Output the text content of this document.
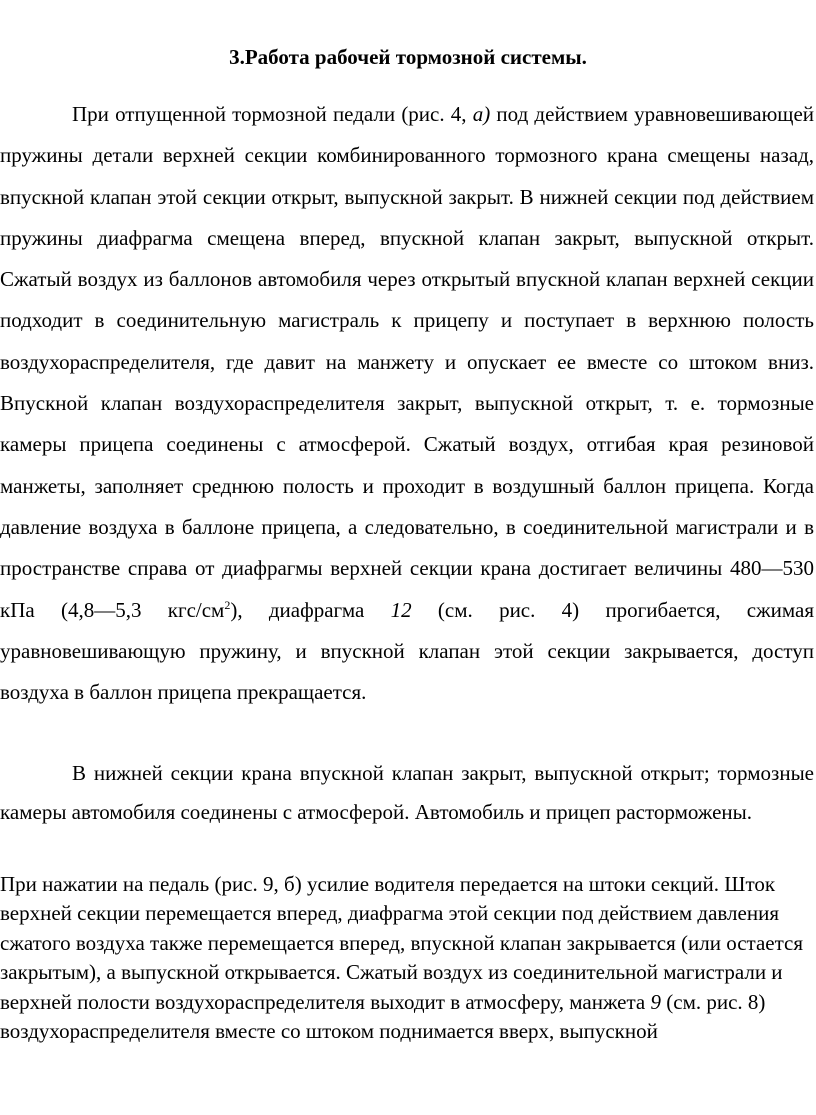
3.Работа рабочей тормозной системы.
При отпущенной тормозной педали (рис. 4, а) под действием уравновешивающей пружины детали верхней секции комбинированного тормозного крана смещены назад, впускной клапан этой секции открыт, выпускной закрыт. В нижней секции под действием пружины диафрагма смещена вперед, впускной клапан закрыт, выпускной открыт. Сжатый воздух из баллонов автомобиля через открытый впускной клапан верхней секции подходит в соединительную магистраль к прицепу и поступает в верхнюю полость воздухораспределителя, где давит на манжету и опускает ее вместе со штоком вниз. Впускной клапан воздухораспределителя закрыт, выпускной открыт, т. е. тормозные камеры прицепа соединены с атмосферой. Сжатый воздух, отгибая края резиновой манжеты, заполняет среднюю полость и проходит в воздушный баллон прицепа. Когда давление воздуха в баллоне прицепа, а следовательно, в соединительной магистрали и в пространстве справа от диафрагмы верхней секции крана достигает величины 480—530 кПа (4,8—5,3 кгс/$см^2$), диафрагма 12 (см. рис. 4) прогибается, сжимая уравновешивающую пружину, и впускной клапан этой секции закрывается, доступ воздуха в баллон прицепа прекращается.
В нижней секции крана впускной клапан закрыт, выпускной открыт; тормозные камеры автомобиля соединены с атмосферой. Автомобиль и прицеп расторможены.
При нажатии на педаль (рис. 9, б) усилие водителя передается на штоки секций. Шток верхней секции перемещается вперед, диафрагма этой секции под действием давления сжатого воздуха также перемещается вперед, впускной клапан закрывается (или остается закрытым), а выпускной открывается. Сжатый воздух из соединительной магистрали и верхней полости воздухораспределителя выходит в атмосферу, манжета 9 (см. рис. 8) воздухораспределителя вместе со штоком поднимается вверх, выпускной
